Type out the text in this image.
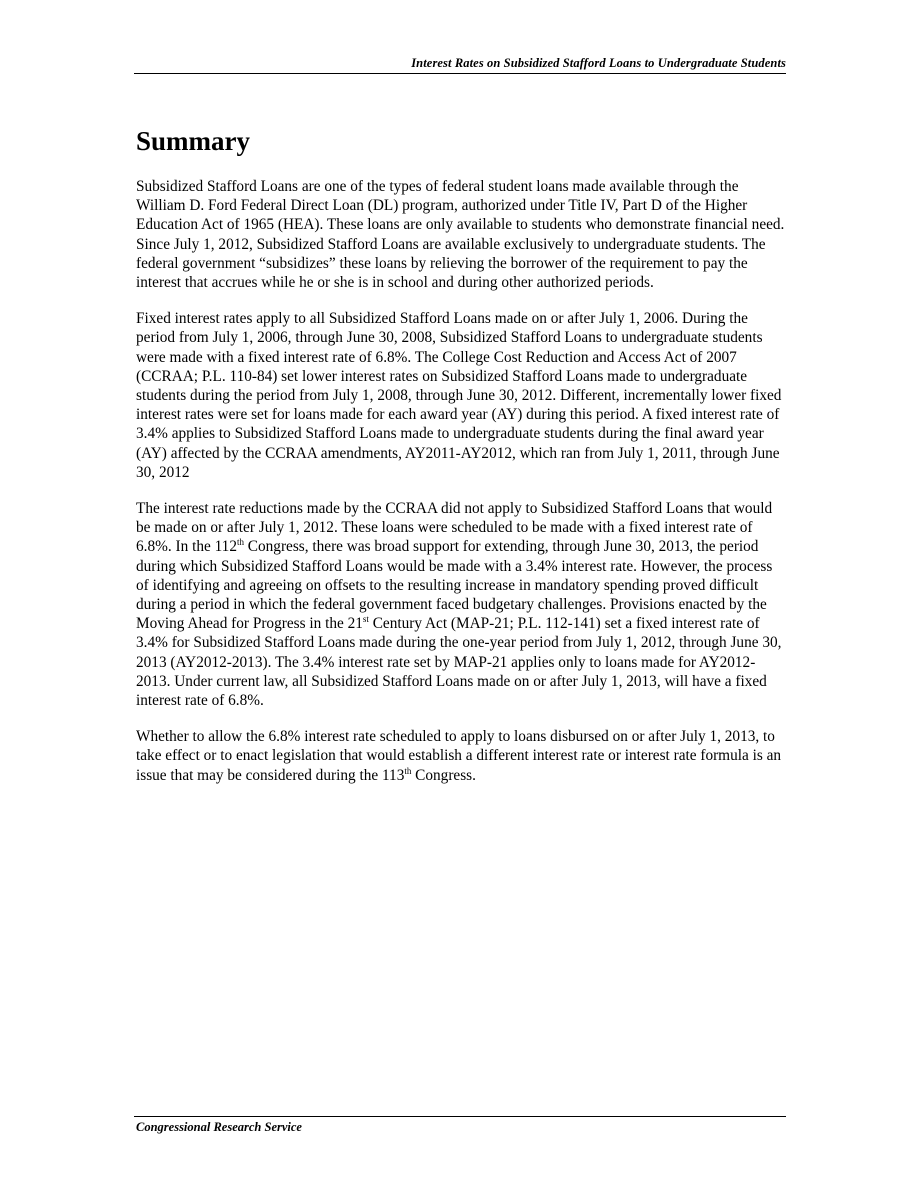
Interest Rates on Subsidized Stafford Loans to Undergraduate Students
Summary

Subsidized Stafford Loans are one of the types of federal student loans made available through the William D. Ford Federal Direct Loan (DL) program, authorized under Title IV, Part D of the Higher Education Act of 1965 (HEA). These loans are only available to students who demonstrate financial need. Since July 1, 2012, Subsidized Stafford Loans are available exclusively to undergraduate students. The federal government “subsidizes” these loans by relieving the borrower of the requirement to pay the interest that accrues while he or she is in school and during other authorized periods.

Fixed interest rates apply to all Subsidized Stafford Loans made on or after July 1, 2006. During the period from July 1, 2006, through June 30, 2008, Subsidized Stafford Loans to undergraduate students were made with a fixed interest rate of 6.8%. The College Cost Reduction and Access Act of 2007 (CCRAA; P.L. 110-84) set lower interest rates on Subsidized Stafford Loans made to undergraduate students during the period from July 1, 2008, through June 30, 2012. Different, incrementally lower fixed interest rates were set for loans made for each award year (AY) during this period. A fixed interest rate of 3.4% applies to Subsidized Stafford Loans made to undergraduate students during the final award year (AY) affected by the CCRAA amendments, AY2011-AY2012, which ran from July 1, 2011, through June 30, 2012

The interest rate reductions made by the CCRAA did not apply to Subsidized Stafford Loans that would be made on or after July 1, 2012. These loans were scheduled to be made with a fixed interest rate of 6.8%. In the 112th Congress, there was broad support for extending, through June 30, 2013, the period during which Subsidized Stafford Loans would be made with a 3.4% interest rate. However, the process of identifying and agreeing on offsets to the resulting increase in mandatory spending proved difficult during a period in which the federal government faced budgetary challenges. Provisions enacted by the Moving Ahead for Progress in the 21st Century Act (MAP-21; P.L. 112-141) set a fixed interest rate of 3.4% for Subsidized Stafford Loans made during the one-year period from July 1, 2012, through June 30, 2013 (AY2012-2013). The 3.4% interest rate set by MAP-21 applies only to loans made for AY2012-2013. Under current law, all Subsidized Stafford Loans made on or after July 1, 2013, will have a fixed interest rate of 6.8%.

Whether to allow the 6.8% interest rate scheduled to apply to loans disbursed on or after July 1, 2013, to take effect or to enact legislation that would establish a different interest rate or interest rate formula is an issue that may be considered during the 113th Congress.

Congressional Research Service
